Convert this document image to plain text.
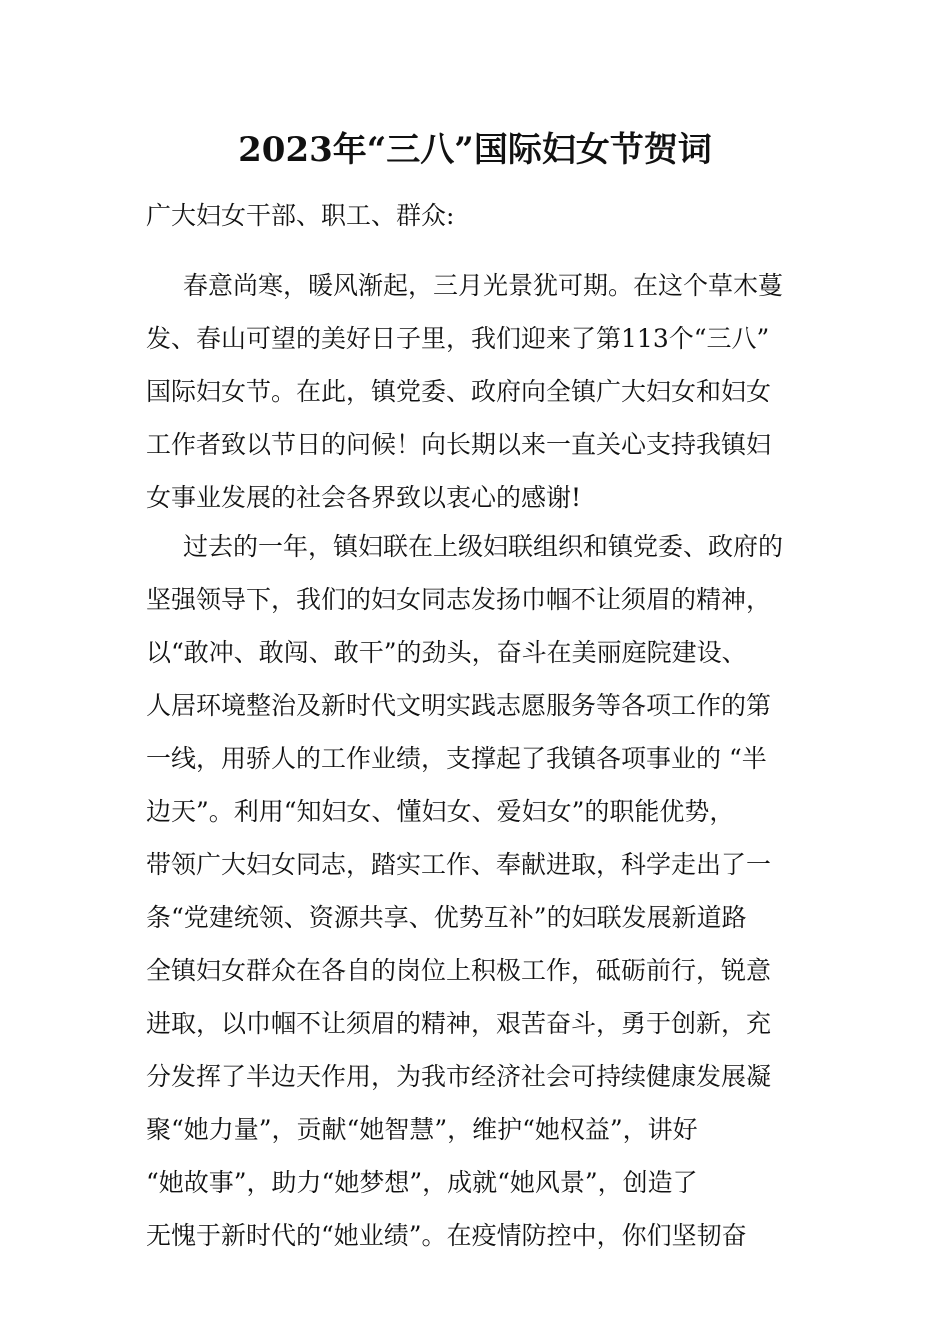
2023年“三八”国际妇女节贺词
广大妇女干部、职工、群众:
春意尚寒，暖风渐起，三月光景犹可期。在这个草木蔓
发、春山可望的美好日子里，我们迎来了第113个“三八”
国际妇女节。在此，镇党委、政府向全镇广大妇女和妇女
工作者致以节日的问候！向长期以来一直关心支持我镇妇
女事业发展的社会各界致以衷心的感谢!
过去的一年，镇妇联在上级妇联组织和镇党委、政府的
坚强领导下，我们的妇女同志发扬巾帼不让须眉的精神，
以“敢冲、敢闯、敢干”的劲头，奋斗在美丽庭院建设、
人居环境整治及新时代文明实践志愿服务等各项工作的第
一线，用骄人的工作业绩，支撑起了我镇各项事业的 “半
边天”。利用“知妇女、懂妇女、爱妇女”的职能优势，
带领广大妇女同志，踏实工作、奉献进取，科学走出了一
条“党建统领、资源共享、优势互补”的妇联发展新道路
全镇妇女群众在各自的岗位上积极工作，砥砺前行，锐意
进取，以巾帼不让须眉的精神，艰苦奋斗，勇于创新，充
分发挥了半边天作用，为我市经济社会可持续健康发展凝
聚“她力量”，贡献“她智慧”，维护“她权益”，讲好
“她故事”，助力“她梦想”，成就“她风景”，创造了
无愧于新时代的“她业绩”。在疫情防控中，你们坚韧奋
